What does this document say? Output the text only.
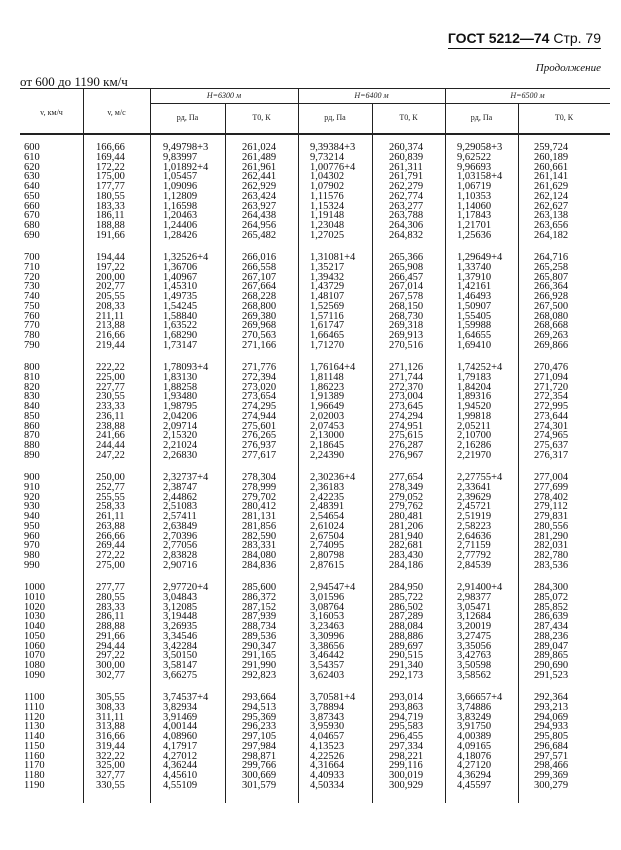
ГОСТ 5212—74 Стр. 79
Продолжение
от 600 до 1190 км/ч
v, км/ч	v, м/с
H=6300 м	H=6400 м	H=6500 м
pд, Па	T0, К	pд, Па	T0, К	pд, Па	T0, К
600	166,66	9,49798+3	261,024	9,39384+3	260,374	9,29058+3	259,724
610	169,44	9,83997	261,489	9,73214	260,839	9,62522	260,189
620	172,22	1,01892+4	261,961	1,00776+4	261,311	9,96693	260,661
630	175,00	1,05457	262,441	1,04302	261,791	1,03158+4	261,141
640	177,77	1,09096	262,929	1,07902	262,279	1,06719	261,629
650	180,55	1,12809	263,424	1,11576	262,774	1,10353	262,124
660	183,33	1,16598	263,927	1,15324	263,277	1,14060	262,627
670	186,11	1,20463	264,438	1,19148	263,788	1,17843	263,138
680	188,88	1,24406	264,956	1,23048	264,306	1,21701	263,656
690	191,66	1,28426	265,482	1,27025	264,832	1,25636	264,182
700	194,44	1,32526+4	266,016	1,31081+4	265,366	1,29649+4	264,716
710	197,22	1,36706	266,558	1,35217	265,908	1,33740	265,258
720	200,00	1,40967	267,107	1,39432	266,457	1,37910	265,807
730	202,77	1,45310	267,664	1,43729	267,014	1,42161	266,364
740	205,55	1,49735	268,228	1,48107	267,578	1,46493	266,928
750	208,33	1,54245	268,800	1,52569	268,150	1,50907	267,500
760	211,11	1,58840	269,380	1,57116	268,730	1,55405	268,080
770	213,88	1,63522	269,968	1,61747	269,318	1,59988	268,668
780	216,66	1,68290	270,563	1,66465	269,913	1,64655	269,263
790	219,44	1,73147	271,166	1,71270	270,516	1,69410	269,866
800	222,22	1,78093+4	271,776	1,76164+4	271,126	1,74252+4	270,476
810	225,00	1,83130	272,394	1,81148	271,744	1,79183	271,094
820	227,77	1,88258	273,020	1,86223	272,370	1,84204	271,720
830	230,55	1,93480	273,654	1,91389	273,004	1,89316	272,354
840	233,33	1,98795	274,295	1,96649	273,645	1,94520	272,995
850	236,11	2,04206	274,944	2,02003	274,294	1,99818	273,644
860	238,88	2,09714	275,601	2,07453	274,951	2,05211	274,301
870	241,66	2,15320	276,265	2,13000	275,615	2,10700	274,965
880	244,44	2,21024	276,937	2,18645	276,287	2,16286	275,637
890	247,22	2,26830	277,617	2,24390	276,967	2,21970	276,317
900	250,00	2,32737+4	278,304	2,30236+4	277,654	2,27755+4	277,004
910	252,77	2,38747	278,999	2,36183	278,349	2,33641	277,699
920	255,55	2,44862	279,702	2,42235	279,052	2,39629	278,402
930	258,33	2,51083	280,412	2,48391	279,762	2,45721	279,112
940	261,11	2,57411	281,131	2,54654	280,481	2,51919	279,831
950	263,88	2,63849	281,856	2,61024	281,206	2,58223	280,556
960	266,66	2,70396	282,590	2,67504	281,940	2,64636	281,290
970	269,44	2,77056	283,331	2,74095	282,681	2,71159	282,031
980	272,22	2,83828	284,080	2,80798	283,430	2,77792	282,780
990	275,00	2,90716	284,836	2,87615	284,186	2,84539	283,536
1000	277,77	2,97720+4	285,600	2,94547+4	284,950	2,91400+4	284,300
1010	280,55	3,04843	286,372	3,01596	285,722	2,98377	285,072
1020	283,33	3,12085	287,152	3,08764	286,502	3,05471	285,852
1030	286,11	3,19448	287,939	3,16053	287,289	3,12684	286,639
1040	288,88	3,26935	288,734	3,23463	288,084	3,20019	287,434
1050	291,66	3,34546	289,536	3,30996	288,886	3,27475	288,236
1060	294,44	3,42284	290,347	3,38656	289,697	3,35056	289,047
1070	297,22	3,50150	291,165	3,46442	290,515	3,42763	289,865
1080	300,00	3,58147	291,990	3,54357	291,340	3,50598	290,690
1090	302,77	3,66275	292,823	3,62403	292,173	3,58562	291,523
1100	305,55	3,74537+4	293,664	3,70581+4	293,014	3,66657+4	292,364
1110	308,33	3,82934	294,513	3,78894	293,863	3,74886	293,213
1120	311,11	3,91469	295,369	3,87343	294,719	3,83249	294,069
1130	313,88	4,00144	296,233	3,95930	295,583	3,91750	294,933
1140	316,66	4,08960	297,105	4,04657	296,455	4,00389	295,805
1150	319,44	4,17917	297,984	4,13523	297,334	4,09165	296,684
1160	322,22	4,27012	298,871	4,22526	298,221	4,18076	297,571
1170	325,00	4,36244	299,766	4,31664	299,116	4,27120	298,466
1180	327,77	4,45610	300,669	4,40933	300,019	4,36294	299,369
1190	330,55	4,55109	301,579	4,50334	300,929	4,45597	300,279
